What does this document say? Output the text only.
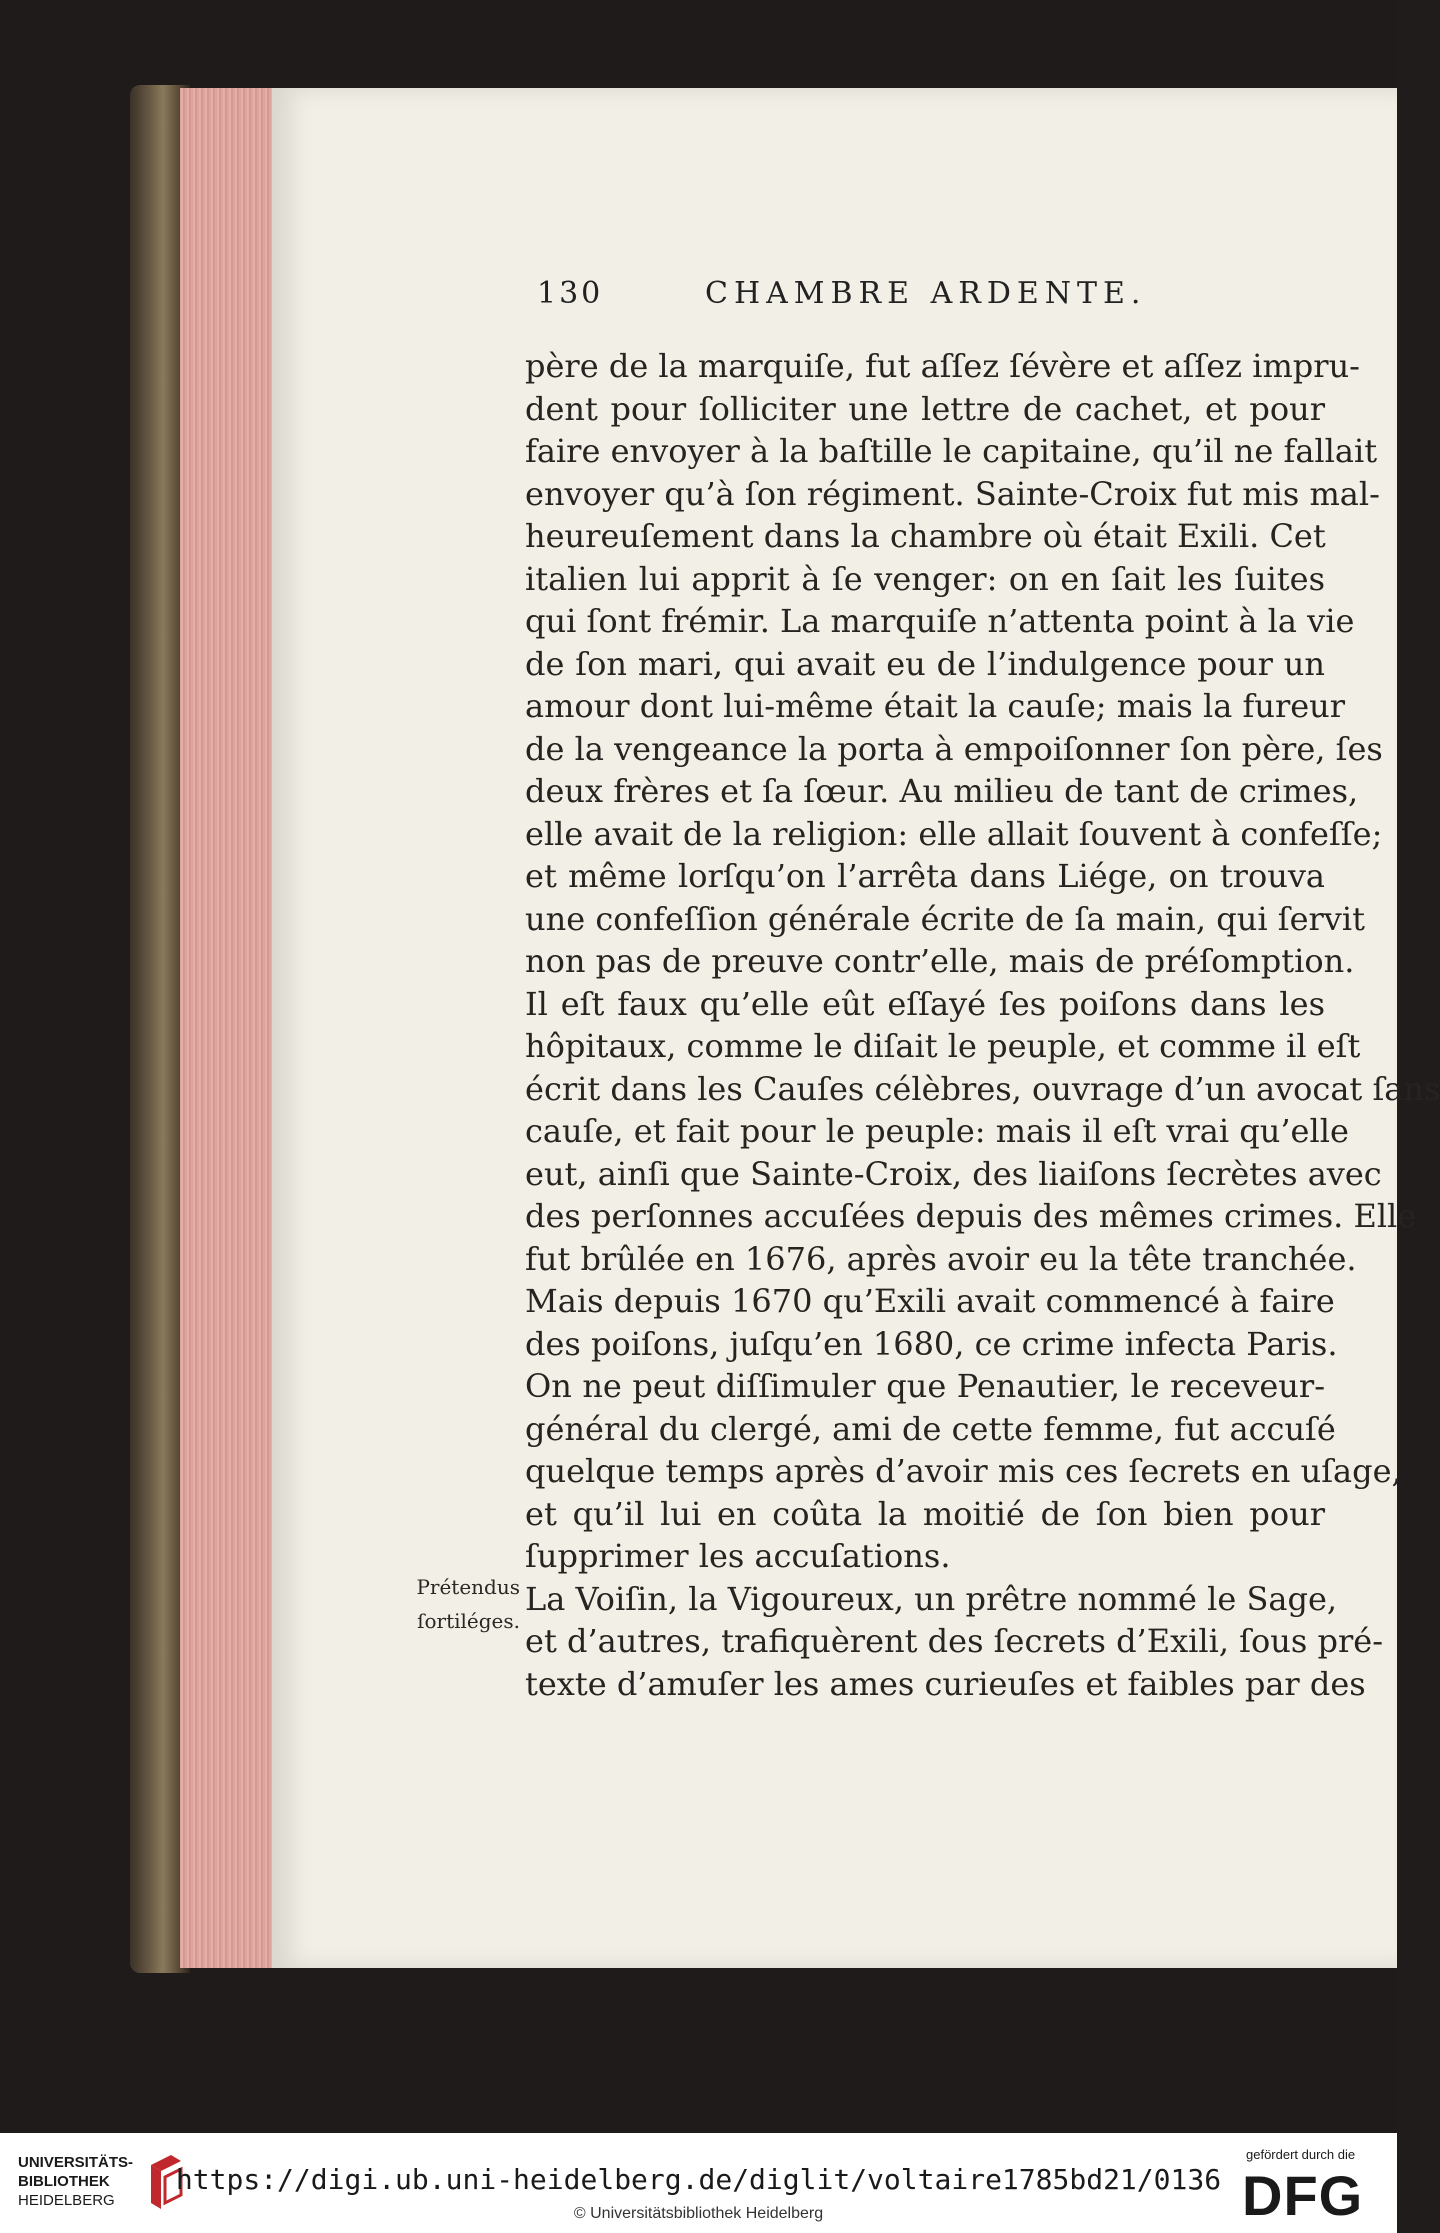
130	CHAMBRE ARDENTE.
père de la marquiſe, fut aſſez ſévère et aſſez impru-
dent pour ſolliciter une lettre de cachet, et pour
faire envoyer à la baſtille le capitaine, qu’il ne fallait
envoyer qu’à ſon régiment. Sainte-Croix fut mis mal-
heureuſement dans la chambre où était Exili. Cet
italien lui apprit à ſe venger: on en ſait les ſuites
qui ſont frémir. La marquiſe n’attenta point à la vie
de ſon mari, qui avait eu de l’indulgence pour un
amour dont lui-même était la cauſe; mais la fureur
de la vengeance la porta à empoiſonner ſon père, ſes
deux frères et ſa ſœur. Au milieu de tant de crimes,
elle avait de la religion: elle allait ſouvent à confeſſe;
et même lorſqu’on l’arrêta dans Liége, on trouva
une confeſſion générale écrite de ſa main, qui ſervit
non pas de preuve contr’elle, mais de préſomption.
Il eſt faux qu’elle eût eſſayé ſes poiſons dans les
hôpitaux, comme le diſait le peuple, et comme il eſt
écrit dans les Cauſes célèbres, ouvrage d’un avocat ſans
cauſe, et fait pour le peuple: mais il eſt vrai qu’elle
eut, ainſi que Sainte-Croix, des liaiſons ſecrètes avec
des perſonnes accuſées depuis des mêmes crimes. Elle
fut brûlée en 1676, après avoir eu la tête tranchée.
Mais depuis 1670 qu’Exili avait commencé à faire
des poiſons, juſqu’en 1680, ce crime infecta Paris.
On ne peut diſſimuler que Penautier, le receveur-
général du clergé, ami de cette femme, fut accuſé
quelque temps après d’avoir mis ces ſecrets en uſage,
et qu’il lui en coûta la moitié de ſon bien pour
ſupprimer les accuſations.
La Voiſin, la Vigoureux, un prêtre nommé le Sage,
et d’autres, trafiquèrent des ſecrets d’Exili, ſous pré-
texte d’amuſer les ames curieuſes et faibles par des
Prétendus
ſortiléges.
UNIVERSITÄTS-
BIBLIOTHEK
HEIDELBERG
https://digi.ub.uni-heidelberg.de/diglit/voltaire1785bd21/0136
© Universitätsbibliothek Heidelberg
gefördert durch die
DFG
